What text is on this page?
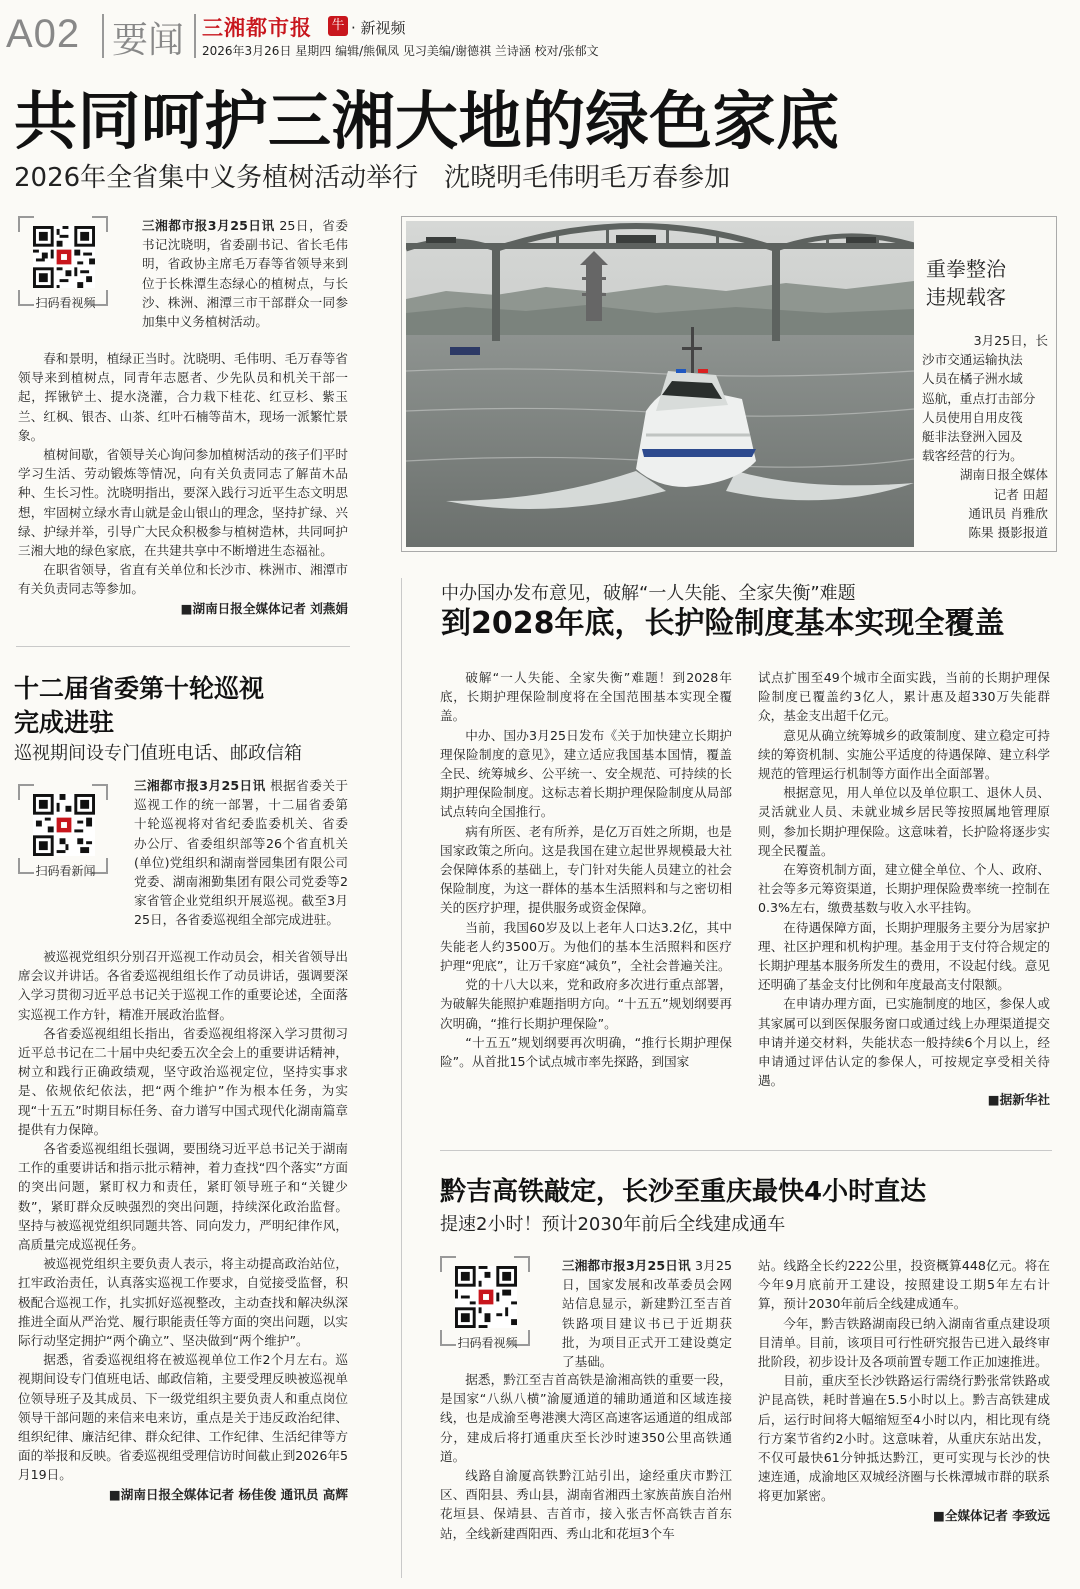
A02 要闻 三湘都市报 牛 · 新视频
2026年3月26日 星期四 编辑/熊佩凤 见习美编/谢德祺 兰诗涵 校对/张郁文
共同呵护三湘大地的绿色家底
2026年全省集中义务植树活动举行　沈晓明毛伟明毛万春参加
扫码看视频

三湘都市报3月25日讯 25日，省委书记沈晓明，省委副书记、省长毛伟明，省政协主席毛万春等省领导来到位于长株潭生态绿心的植树点，与长沙、株洲、湘潭三市干部群众一同参加集中义务植树活动。

春和景明，植绿正当时。沈晓明、毛伟明、毛万春等省领导来到植树点，同青年志愿者、少先队员和机关干部一起，挥锹铲土、提水浇灌，合力栽下桂花、红豆杉、紫玉兰、红枫、银杏、山茶、红叶石楠等苗木，现场一派繁忙景象。

植树间歇，省领导关心询问参加植树活动的孩子们平时学习生活、劳动锻炼等情况，向有关负责同志了解苗木品种、生长习性。沈晓明指出，要深入践行习近平生态文明思想，牢固树立绿水青山就是金山银山的理念，坚持扩绿、兴绿、护绿并举，引导广大民众积极参与植树造林，共同呵护三湘大地的绿色家底，在共建共享中不断增进生态福祉。

在职省领导，省直有关单位和长沙市、株洲市、湘潭市有关负责同志等参加。

■湖南日报全媒体记者 刘燕娟
重拳整治
违规载客
3月25日，长
沙市交通运输执法
人员在橘子洲水域
巡航，重点打击部分
人员使用自用皮筏
艇非法登洲入园及
载客经营的行为。
湖南日报全媒体
记者 田超
通讯员 肖雅欣
陈果 摄影报道
十二届省委第十轮巡视
完成进驻
巡视期间设专门值班电话、邮政信箱
扫码看新闻

三湘都市报3月25日讯 根据省委关于巡视工作的统一部署，十二届省委第十轮巡视将对省纪委监委机关、省委办公厅、省委组织部等26个省直机关(单位)党组织和湖南誉园集团有限公司党委、湖南湘勤集团有限公司党委等2家省管企业党组织开展巡视。截至3月25日，各省委巡视组全部完成进驻。

被巡视党组织分别召开巡视工作动员会，相关省领导出席会议并讲话。各省委巡视组组长作了动员讲话，强调要深入学习贯彻习近平总书记关于巡视工作的重要论述，全面落实巡视工作方针，精准开展政治监督。

各省委巡视组组长指出，省委巡视组将深入学习贯彻习近平总书记在二十届中央纪委五次全会上的重要讲话精神，树立和践行正确政绩观，坚守政治巡视定位，坚持实事求是、依规依纪依法，把“两个维护”作为根本任务，为实现“十五五”时期目标任务、奋力谱写中国式现代化湖南篇章提供有力保障。

各省委巡视组组长强调，要围绕习近平总书记关于湖南工作的重要讲话和指示批示精神，着力查找“四个落实”方面的突出问题，紧盯权力和责任，紧盯领导班子和“关键少数”，紧盯群众反映强烈的突出问题，持续深化政治监督。坚持与被巡视党组织同题共答、同向发力，严明纪律作风，高质量完成巡视任务。

被巡视党组织主要负责人表示，将主动提高政治站位，扛牢政治责任，认真落实巡视工作要求，自觉接受监督，积极配合巡视工作，扎实抓好巡视整改，主动查找和解决纵深推进全面从严治党、履行职能责任等方面的突出问题，以实际行动坚定拥护“两个确立”、坚决做到“两个维护”。

据悉，省委巡视组将在被巡视单位工作2个月左右。巡视期间设专门值班电话、邮政信箱，主要受理反映被巡视单位领导班子及其成员、下一级党组织主要负责人和重点岗位领导干部问题的来信来电来访，重点是关于违反政治纪律、组织纪律、廉洁纪律、群众纪律、工作纪律、生活纪律等方面的举报和反映。省委巡视组受理信访时间截止到2026年5月19日。

■湖南日报全媒体记者 杨佳俊 通讯员 高辉
中办国办发布意见，破解“一人失能、全家失衡”难题
到2028年底，长护险制度基本实现全覆盖

破解“一人失能、全家失衡”难题！到2028年底，长期护理保险制度将在全国范围基本实现全覆盖。

中办、国办3月25日发布《关于加快建立长期护理保险制度的意见》，建立适应我国基本国情，覆盖全民、统筹城乡、公平统一、安全规范、可持续的长期护理保险制度。这标志着长期护理保险制度从局部试点转向全国推行。

病有所医、老有所养，是亿万百姓之所期，也是国家政策之所向。这是我国在建立起世界规模最大社会保障体系的基础上，专门针对失能人员建立的社会保险制度，为这一群体的基本生活照料和与之密切相关的医疗护理，提供服务或资金保障。

当前，我国60岁及以上老年人口达3.2亿，其中失能老人约3500万。为他们的基本生活照料和医疗护理“兜底”，让万千家庭“减负”，全社会普遍关注。

党的十八大以来，党和政府多次进行重点部署，为破解失能照护难题指明方向。“十五五”规划纲要再次明确，“推行长期护理保险”。

“十五五”规划纲要再次明确，“推行长期护理保险”。从首批15个试点城市率先探路，到国家

试点扩围至49个城市全面实践，当前的长期护理保险制度已覆盖约3亿人，累计惠及超330万失能群众，基金支出超千亿元。

意见从确立统筹城乡的政策制度、建立稳定可持续的筹资机制、实施公平适度的待遇保障、建立科学规范的管理运行机制等方面作出全面部署。

根据意见，用人单位以及单位职工、退休人员、灵活就业人员、未就业城乡居民等按照属地管理原则，参加长期护理保险。这意味着，长护险将逐步实现全民覆盖。

在筹资机制方面，建立健全单位、个人、政府、社会等多元筹资渠道，长期护理保险费率统一控制在0.3%左右，缴费基数与收入水平挂钩。

在待遇保障方面，长期护理服务主要分为居家护理、社区护理和机构护理。基金用于支付符合规定的长期护理基本服务所发生的费用，不设起付线。意见还明确了基金支付比例和年度最高支付限额。

在申请办理方面，已实施制度的地区，参保人或其家属可以到医保服务窗口或通过线上办理渠道提交申请并递交材料，失能状态一般持续6个月以上，经申请通过评估认定的参保人，可按规定享受相关待遇。

■据新华社
黔吉高铁敲定，长沙至重庆最快4小时直达
提速2小时！预计2030年前后全线建成通车
扫码看视频

三湘都市报3月25日讯 3月25日，国家发展和改革委员会网站信息显示，新建黔江至吉首铁路项目建议书已于近期获批，为项目正式开工建设奠定了基础。

据悉，黔江至吉首高铁是渝湘高铁的重要一段，是国家“八纵八横”渝厦通道的辅助通道和区域连接线，也是成渝至粤港澳大湾区高速客运通道的组成部分，建成后将打通重庆至长沙时速350公里高铁通道。

线路自渝厦高铁黔江站引出，途经重庆市黔江区、酉阳县、秀山县，湖南省湘西土家族苗族自治州花垣县、保靖县、吉首市，接入张吉怀高铁吉首东站，全线新建酉阳西、秀山北和花垣3个车

站。线路全长约222公里，投资概算448亿元。将在今年9月底前开工建设，按照建设工期5年左右计算，预计2030年前后全线建成通车。

今年，黔吉铁路湖南段已纳入湖南省重点建设项目清单。目前，该项目可行性研究报告已进入最终审批阶段，初步设计及各项前置专题工作正加速推进。

目前，重庆至长沙铁路运行需绕行黔张常铁路或沪昆高铁，耗时普遍在5.5小时以上。黔吉高铁建成后，运行时间将大幅缩短至4小时以内，相比现有绕行方案节省约2小时。这意味着，从重庆东站出发，不仅可最快61分钟抵达黔江，更可实现与长沙的快速连通，成渝地区双城经济圈与长株潭城市群的联系将更加紧密。

■全媒体记者 李致远
